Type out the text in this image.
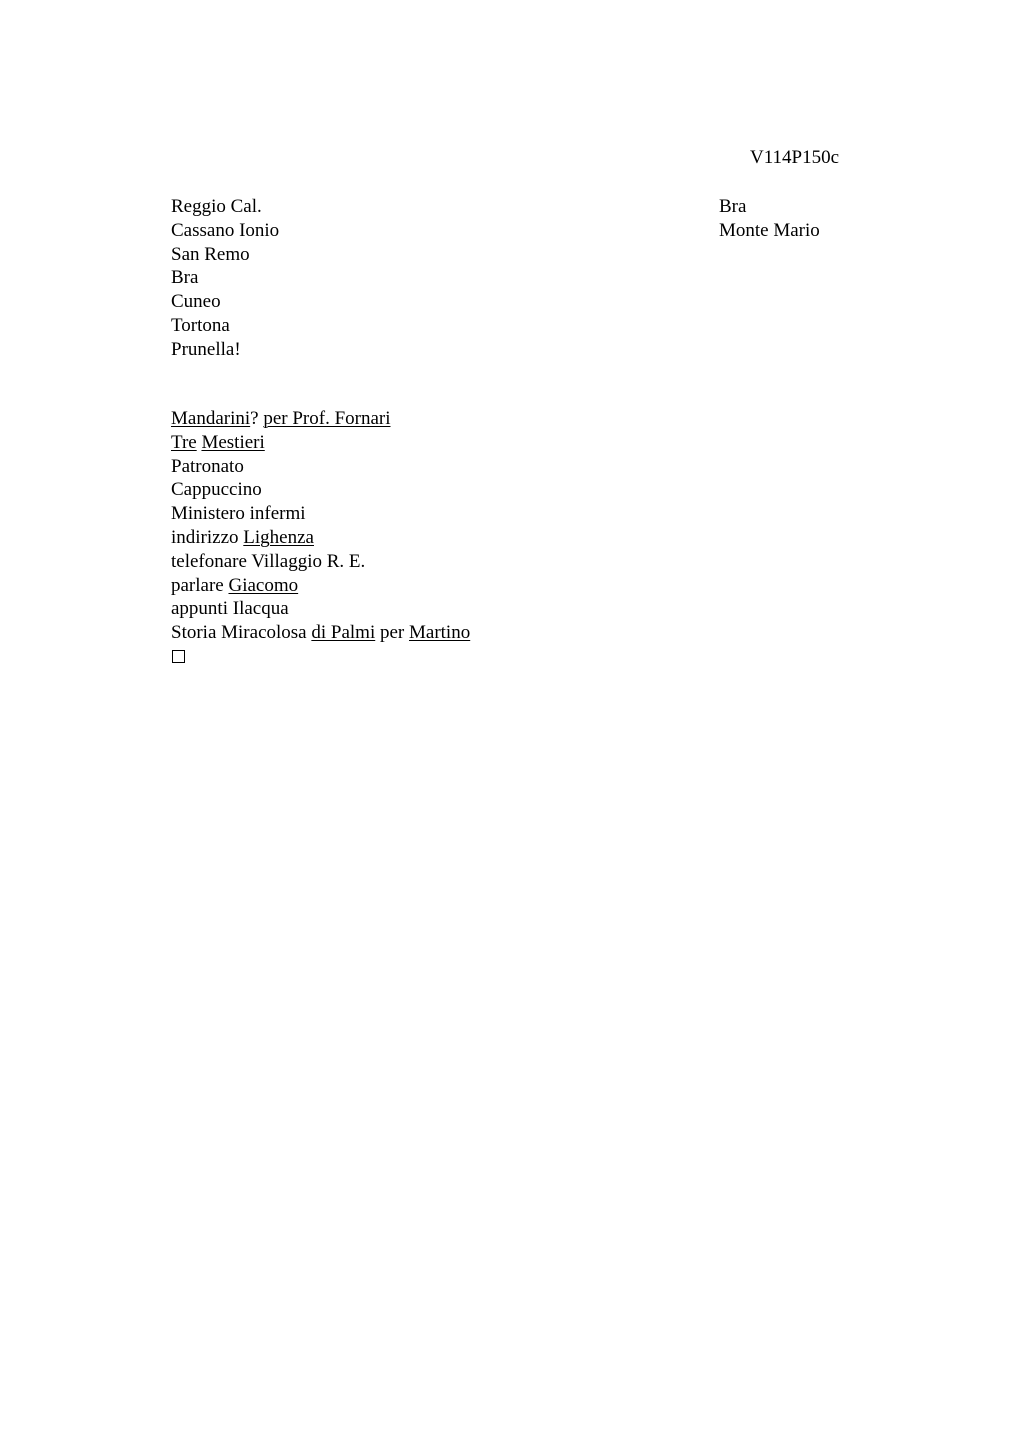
V114P150c
Reggio Cal.
Cassano Ionio
San Remo
Bra
Cuneo
Tortona
Prunella!
Bra
Monte Mario
Mandarini? per Prof. Fornari
Tre Mestieri
Patronato
Cappuccino
Ministero infermi
indirizzo Lighenza
telefonare Villaggio R. E.
parlare Giacomo
appunti Ilacqua
Storia Miracolosa di Palmi per Martino
